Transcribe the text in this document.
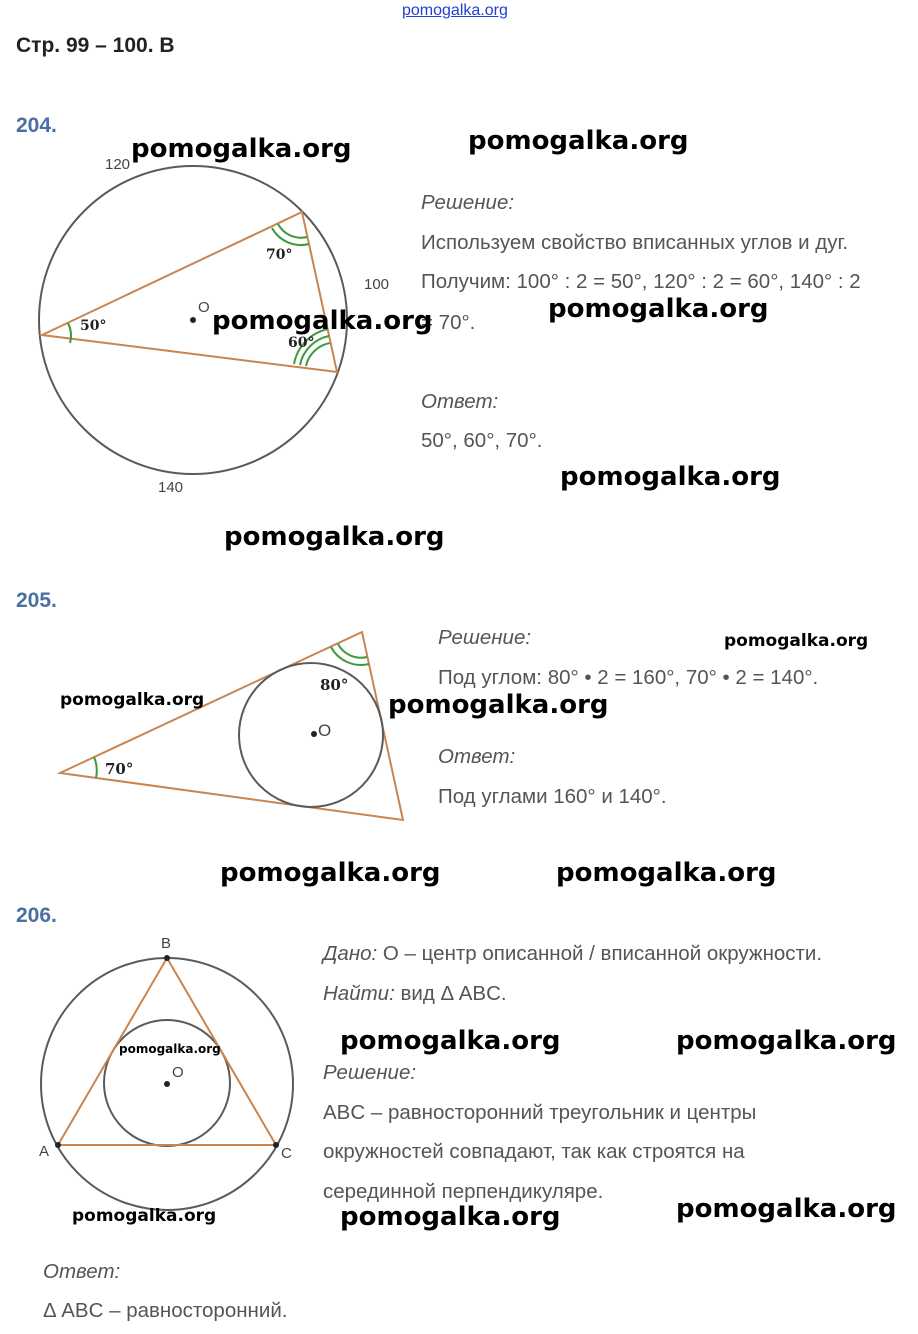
pomogalka.org
Стр. 99 – 100. В
204.
120
100
140
70°
50°
60°
O
Решение:
Используем свойство вписанных углов и дуг.
Получим: 100° : 2 = 50°, 120° : 2 = 60°, 140° : 2
= 70°.
Ответ:
50°, 60°, 70°.
205.
80°
70°
O
Решение:
Под углом: 80° • 2 = 160°, 70° • 2 = 140°.
Ответ:
Под углами 160° и 140°.
206.
B
A	C
O
Дано: O – центр описанной / вписанной окружности.
Найти: вид Δ ABC.
Решение:
ABC – равносторонний треугольник и центры
окружностей совпадают, так как строятся на
серединной перпендикуляре.
Ответ:
Δ ABC – равносторонний.
pomogalka.org	pomogalka.org
pomogalka.org	pomogalka.org
pomogalka.org
pomogalka.org
pomogalka.org
pomogalka.org	pomogalka.org
pomogalka.org	pomogalka.org
pomogalka.org	pomogalka.org
pomogalka.org
pomogalka.org	pomogalka.org	pomogalka.org
